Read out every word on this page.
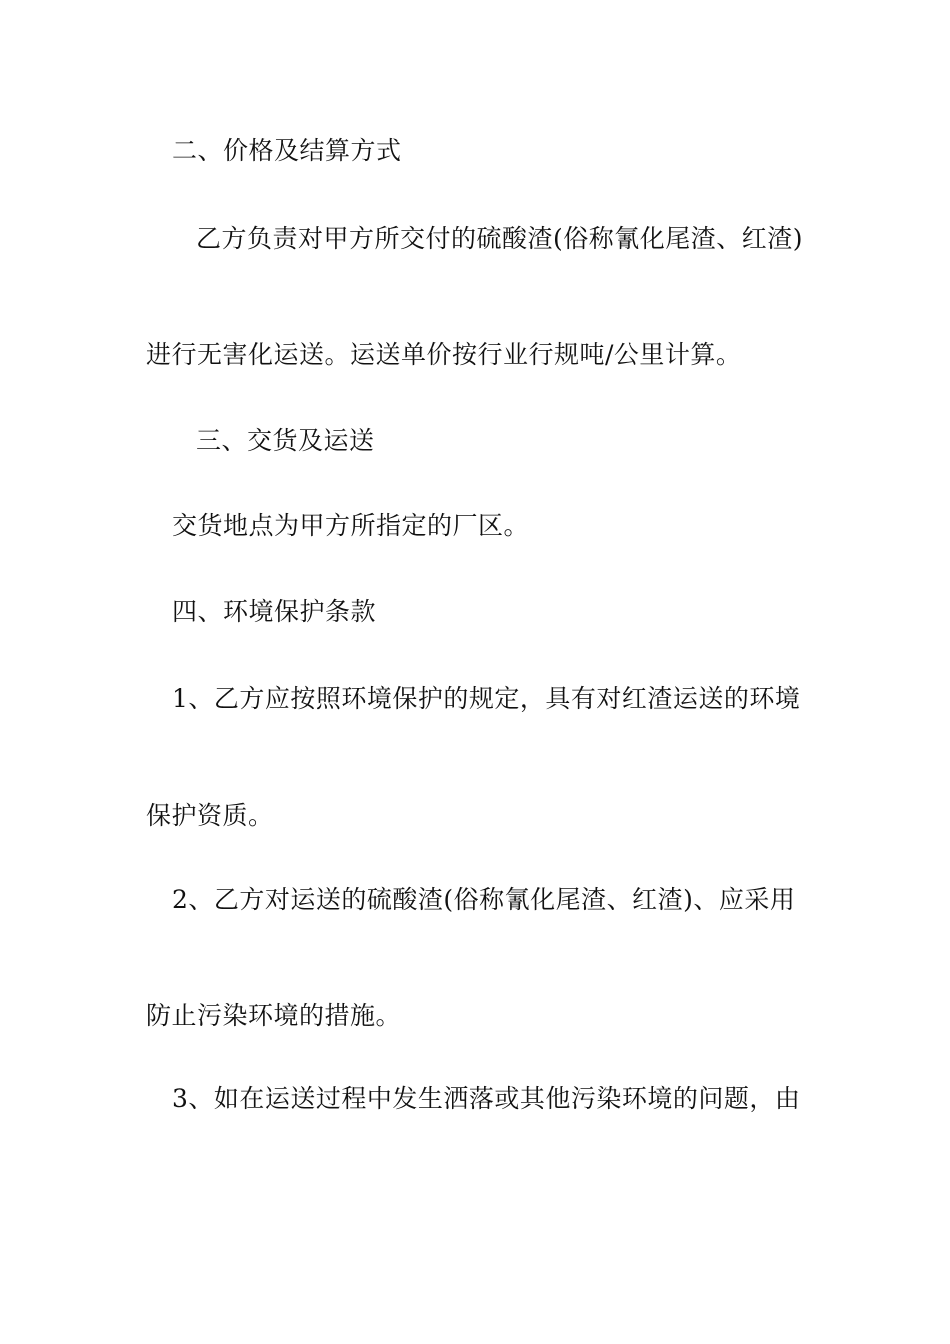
二、价格及结算方式
乙方负责对甲方所交付的硫酸渣(俗称氰化尾渣、红渣)
进行无害化运送。运送单价按行业行规吨/公里计算。
三、交货及运送
交货地点为甲方所指定的厂区。
四、环境保护条款
1、乙方应按照环境保护的规定，具有对红渣运送的环境
保护资质。
2、乙方对运送的硫酸渣(俗称氰化尾渣、红渣)、应采用
防止污染环境的措施。
3、如在运送过程中发生洒落或其他污染环境的问题，由
